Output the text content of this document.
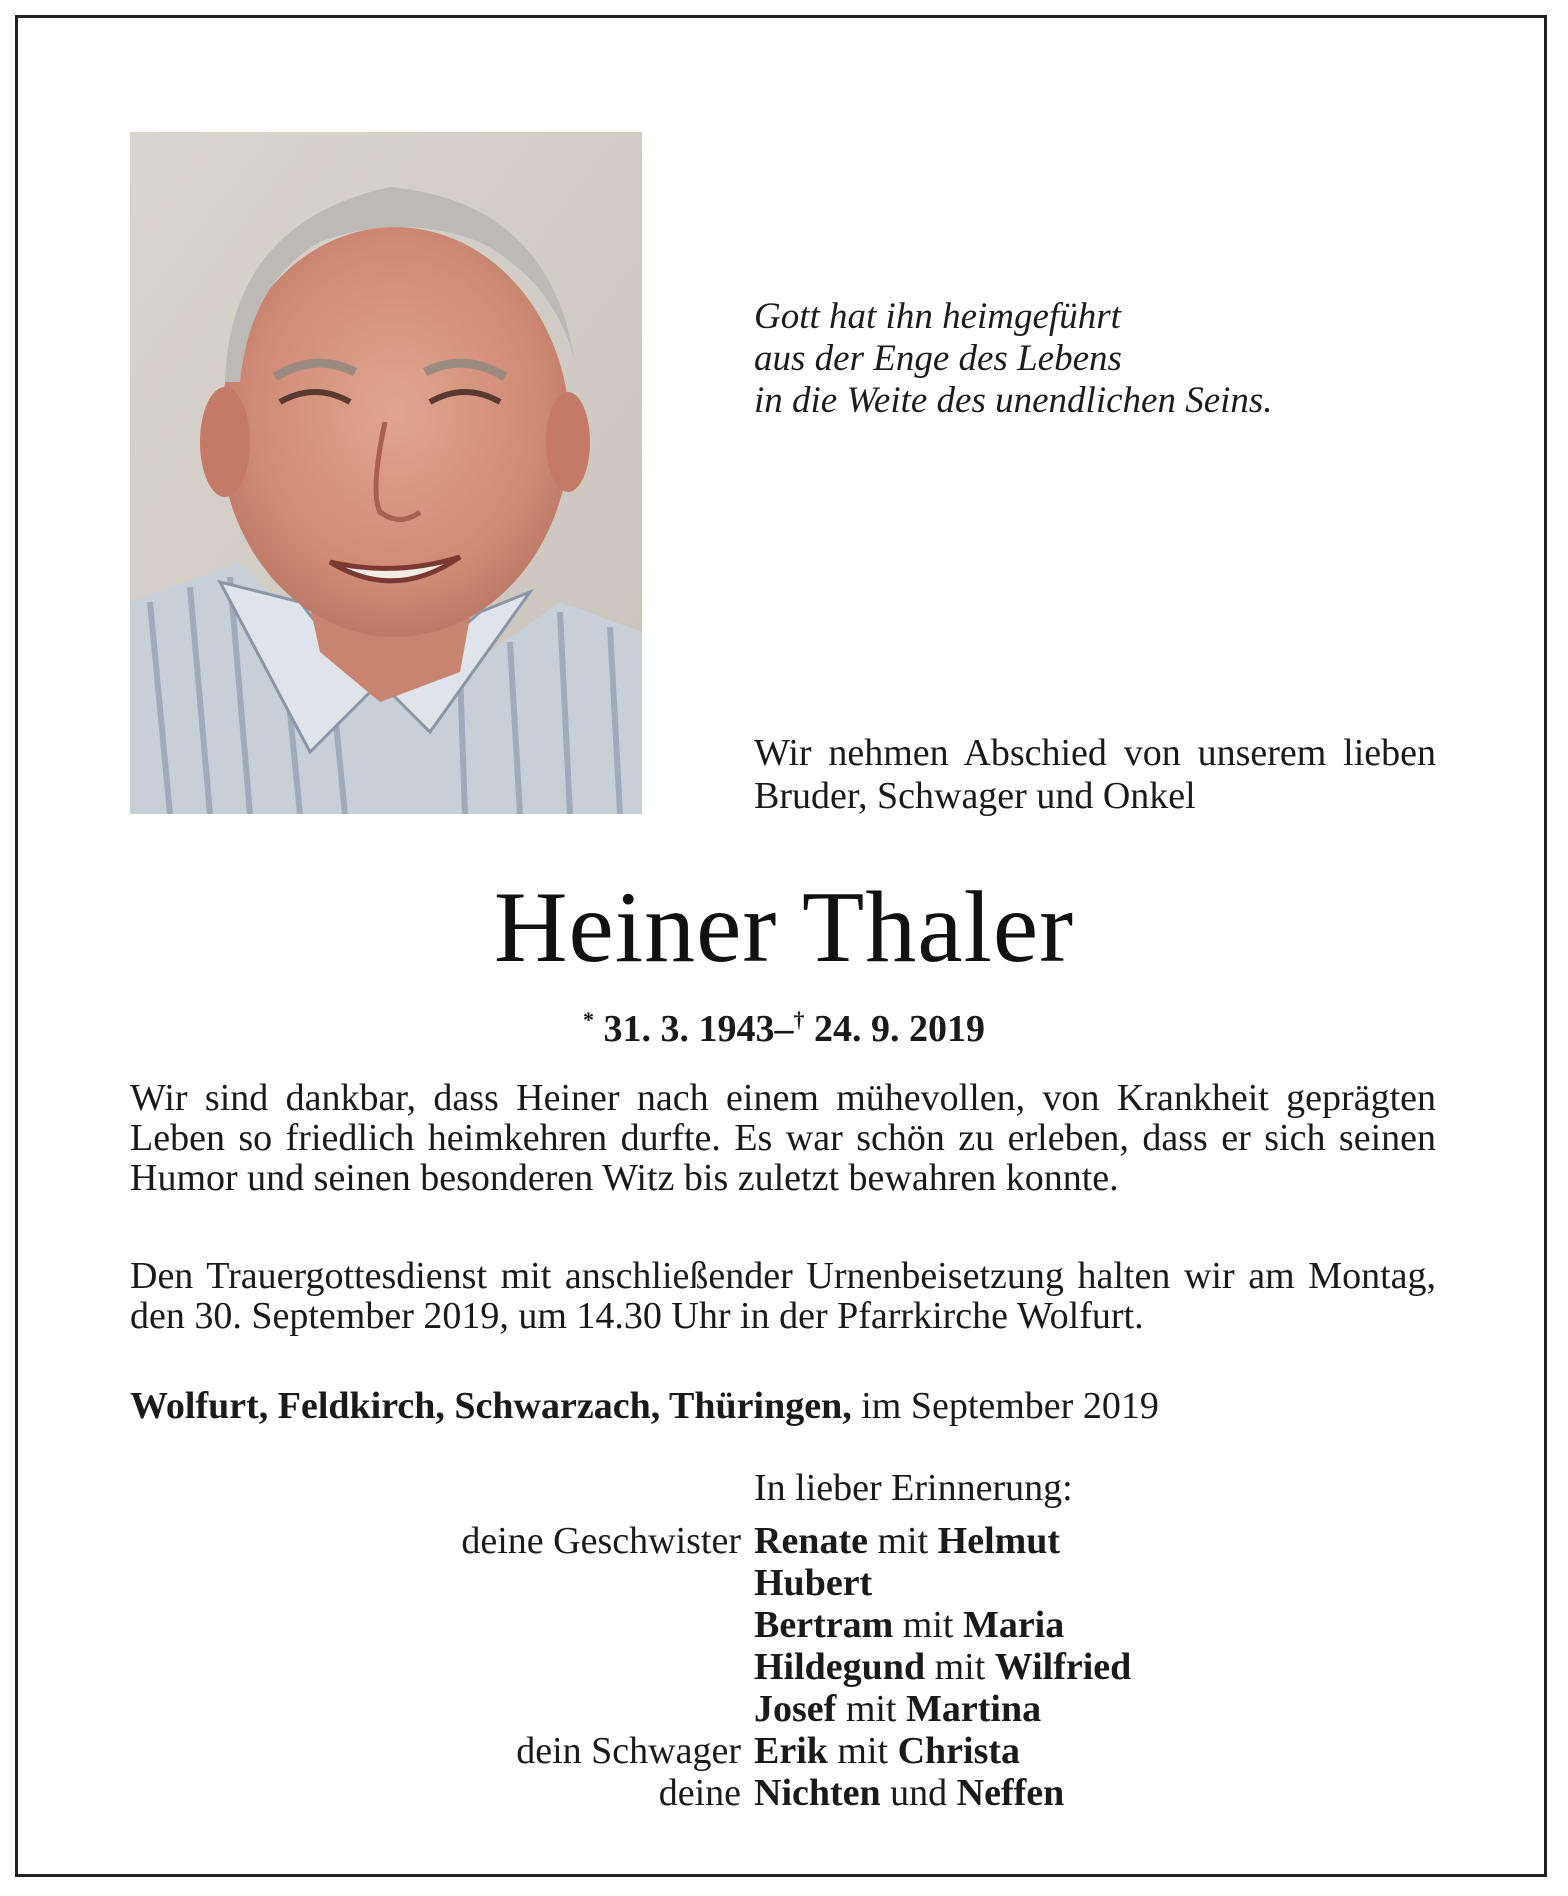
Gott hat ihn heimgeführt
aus der Enge des Lebens
in die Weite des unendlichen Seins.
Wir nehmen Abschied von unserem lieben Bruder, Schwager und Onkel
Heiner Thaler
* 31. 3. 1943–† 24. 9. 2019
Wir sind dankbar, dass Heiner nach einem mühevollen, von Krankheit geprägten Leben so friedlich heimkehren durfte. Es war schön zu erleben, dass er sich seinen Humor und seinen besonderen Witz bis zuletzt bewahren konnte.
Den Trauergottesdienst mit anschließender Urnenbeisetzung halten wir am Montag, den 30. September 2019, um 14.30 Uhr in der Pfarrkirche Wolfurt.
Wolfurt, Feldkirch, Schwarzach, Thüringen, im September 2019
In lieber Erinnerung:
deine Geschwister Renate mit Helmut
Hubert
Bertram mit Maria
Hildegund mit Wilfried
Josef mit Martina
dein Schwager Erik mit Christa
deine Nichten und Neffen
